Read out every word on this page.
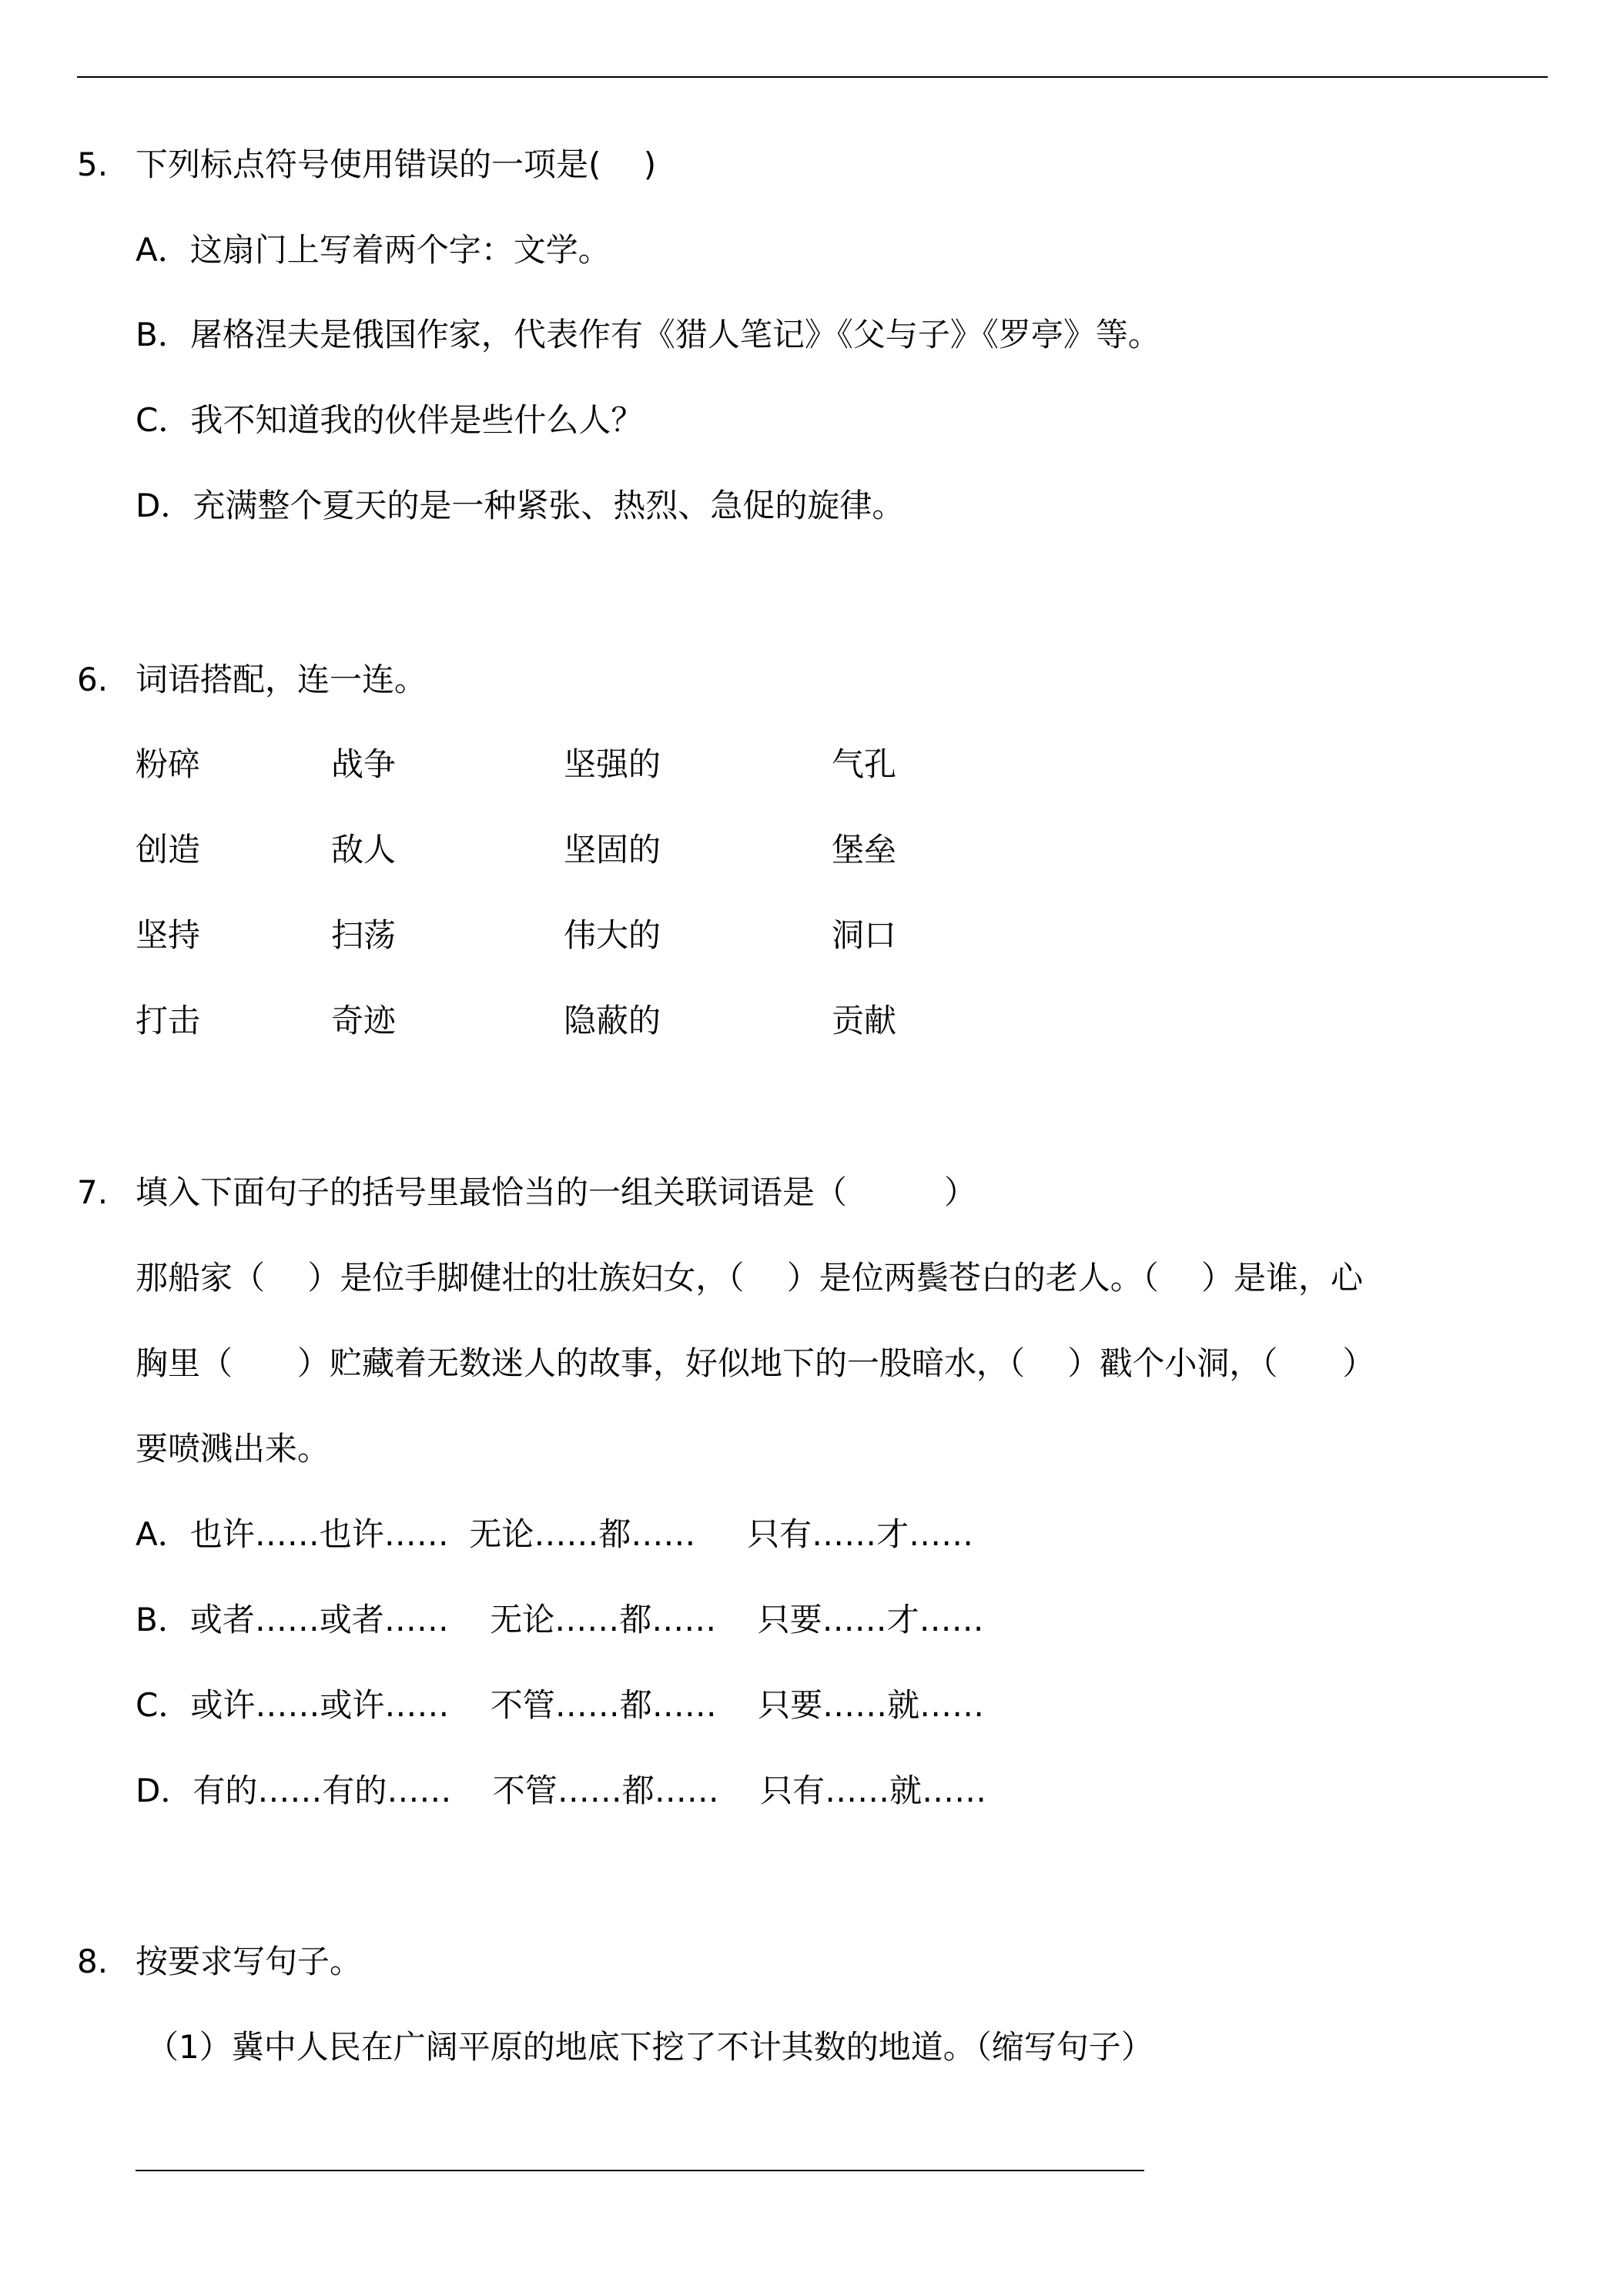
5. 下列标点符号使用错误的一项是(　 )
A．这扇门上写着两个字：文学。
B．屠格涅夫是俄国作家，代表作有《猎人笔记》《父与子》《罗亭》等。
C．我不知道我的伙伴是些什么人？
D．充满整个夏天的是一种紧张、热烈、急促的旋律。
6. 词语搭配，连一连。
粉碎	战争	坚强的	气孔
创造	敌人	坚固的	堡垒
坚持	扫荡	伟大的	洞口
打击	奇迹	隐蔽的	贡献
7. 填入下面句子的括号里最恰当的一组关联词语是（　　　）
那船家（　 ）是位手脚健壮的壮族妇女，（　 ）是位两鬓苍白的老人。（　 ）是谁，心
胸里（　　）贮藏着无数迷人的故事，好似地下的一股暗水，（　 ）戳个小洞，（　　）
要喷溅出来。
A．也许……也许……  无论……都……     只有……才……
B．或者……或者……    无论……都……    只要……才……
C．或许……或许……    不管……都……    只要……就……
D．有的……有的……    不管……都……    只有……就……
8. 按要求写句子。
（1）冀中人民在广阔平原的地底下挖了不计其数的地道。（缩写句子）
